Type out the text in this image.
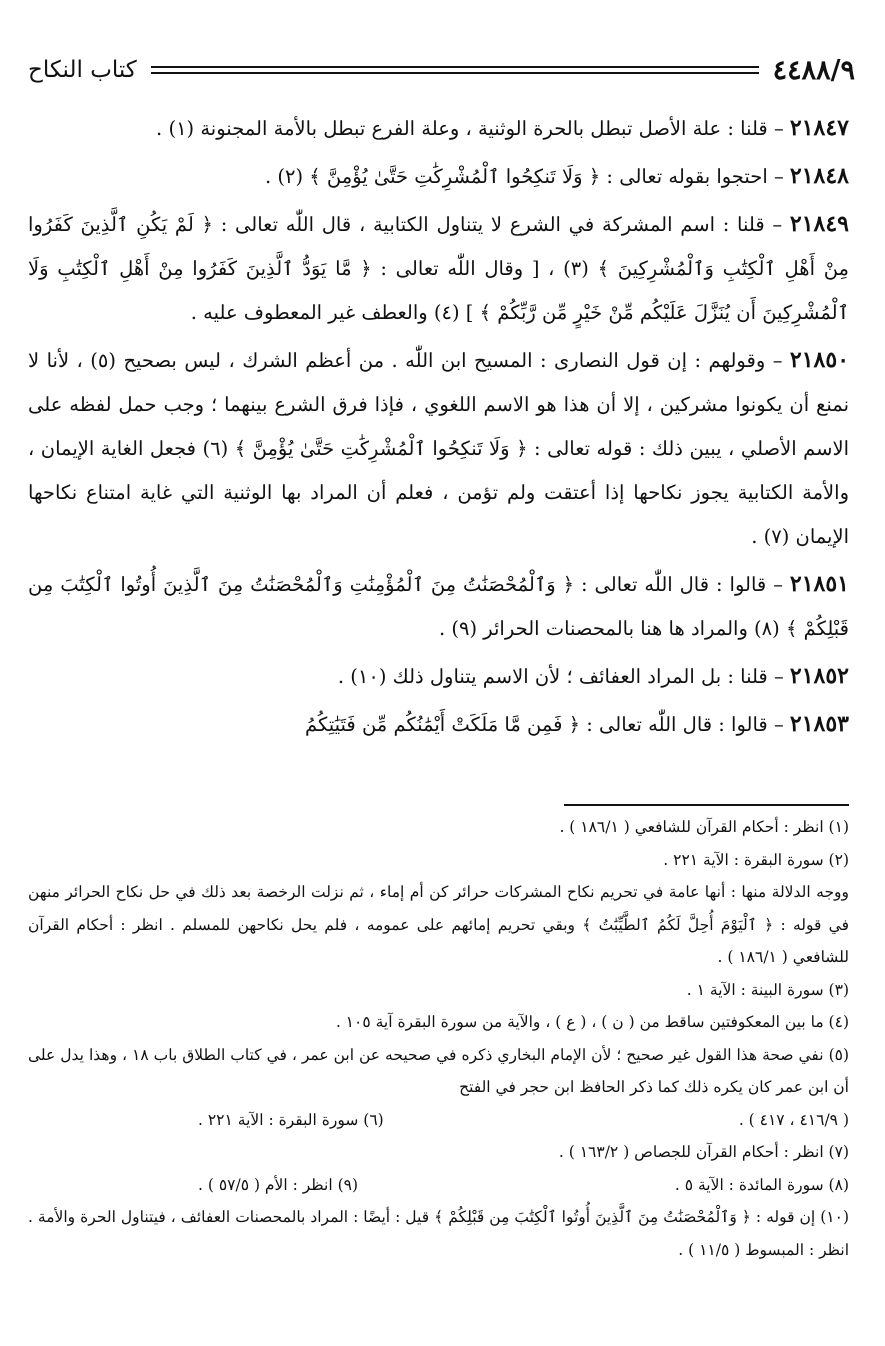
٤٤٨٨/٩
كتاب النكاح

٢١٨٤٧ – قلنا : علة الأصل تبطل بالحرة الوثنية ، وعلة الفرع تبطل بالأمة المجنونة (١) .

٢١٨٤٨ – احتجوا بقوله تعالى : ﴿ وَلَا تَنكِحُوا ٱلْمُشْرِكَٰتِ حَتَّىٰ يُؤْمِنَّ ﴾ (٢) .

٢١٨٤٩ – قلنا : اسم المشركة في الشرع لا يتناول الكتابية ، قال اللّٰه تعالى : ﴿ لَمْ يَكُنِ ٱلَّذِينَ كَفَرُوا مِنْ أَهْلِ ٱلْكِتَٰبِ وَٱلْمُشْرِكِينَ ﴾ (٣) ، [ وقال اللّٰه تعالى : ﴿ مَّا يَوَدُّ ٱلَّذِينَ كَفَرُوا مِنْ أَهْلِ ٱلْكِتَٰبِ وَلَا ٱلْمُشْرِكِينَ أَن يُنَزَّلَ عَلَيْكُم مِّنْ خَيْرٍ مِّن رَّبِّكُمْ ﴾ ] (٤) والعطف غير المعطوف عليه .

٢١٨٥٠ – وقولهم : إن قول النصارى : المسيح ابن اللّٰه . من أعظم الشرك ، ليس بصحيح (٥) ، لأنا لا نمنع أن يكونوا مشركين ، إلا أن هذا هو الاسم اللغوي ، فإذا فرق الشرع بينهما ؛ وجب حمل لفظه على الاسم الأصلي ، يبين ذلك : قوله تعالى : ﴿ وَلَا تَنكِحُوا ٱلْمُشْرِكَٰتِ حَتَّىٰ يُؤْمِنَّ ﴾ (٦) فجعل الغاية الإيمان ، والأمة الكتابية يجوز نكاحها إذا أعتقت ولم تؤمن ، فعلم أن المراد بها الوثنية التي غاية امتناع نكاحها الإيمان (٧) .

٢١٨٥١ – قالوا : قال اللّٰه تعالى : ﴿ وَٱلْمُحْصَنَٰتُ مِنَ ٱلْمُؤْمِنَٰتِ وَٱلْمُحْصَنَٰتُ مِنَ ٱلَّذِينَ أُوتُوا ٱلْكِتَٰبَ مِن قَبْلِكُمْ ﴾ (٨) والمراد ها هنا بالمحصنات الحرائر (٩) .

٢١٨٥٢ – قلنا : بل المراد العفائف ؛ لأن الاسم يتناول ذلك (١٠) .

٢١٨٥٣ – قالوا : قال اللّٰه تعالى : ﴿ فَمِن مَّا مَلَكَتْ أَيْمَٰنُكُم مِّن فَتَيَٰتِكُمُ

(١) انظر : أحكام القرآن للشافعي ( ١٨٦/١ ) .

(٢) سورة البقرة : الآية ٢٢١ .

ووجه الدلالة منها : أنها عامة في تحريم نكاح المشركات حرائر كن أم إماء ، ثم نزلت الرخصة بعد ذلك في حل نكاح الحرائر منهن في قوله : ﴿ ٱلْيَوْمَ أُحِلَّ لَكُمُ ٱلطَّيِّبَٰتُ ﴾ وبقي تحريم إمائهم على عمومه ، فلم يحل نكاحهن للمسلم . انظر : أحكام القرآن للشافعي ( ١٨٦/١ ) .

(٣) سورة البينة : الآية ١ .

(٤) ما بين المعكوفتين ساقط من ( ن ) ، ( ع ) ، والآية من سورة البقرة آية ١٠٥ .

(٥) نفي صحة هذا القول غير صحيح ؛ لأن الإمام البخاري ذكره في صحيحه عن ابن عمر ، في كتاب الطلاق باب ١٨ ، وهذا يدل على أن ابن عمر كان يكره ذلك كما ذكر الحافظ ابن حجر في الفتح

( ٤١٦/٩ ، ٤١٧ ) .
(٦) سورة البقرة : الآية ٢٢١ .

(٧) انظر : أحكام القرآن للجصاص ( ١٦٣/٢ ) .

(٨) سورة المائدة : الآية ٥ .
(٩) انظر : الأم ( ٥٧/٥ ) .

(١٠) إن قوله : ﴿ وَٱلْمُحْصَنَٰتُ مِنَ ٱلَّذِينَ أُوتُوا ٱلْكِتَٰبَ مِن قَبْلِكُمْ ﴾ قيل : أيضًا : المراد بالمحصنات العفائف ، فيتناول الحرة والأمة . انظر : المبسوط ( ١١/٥ ) .
